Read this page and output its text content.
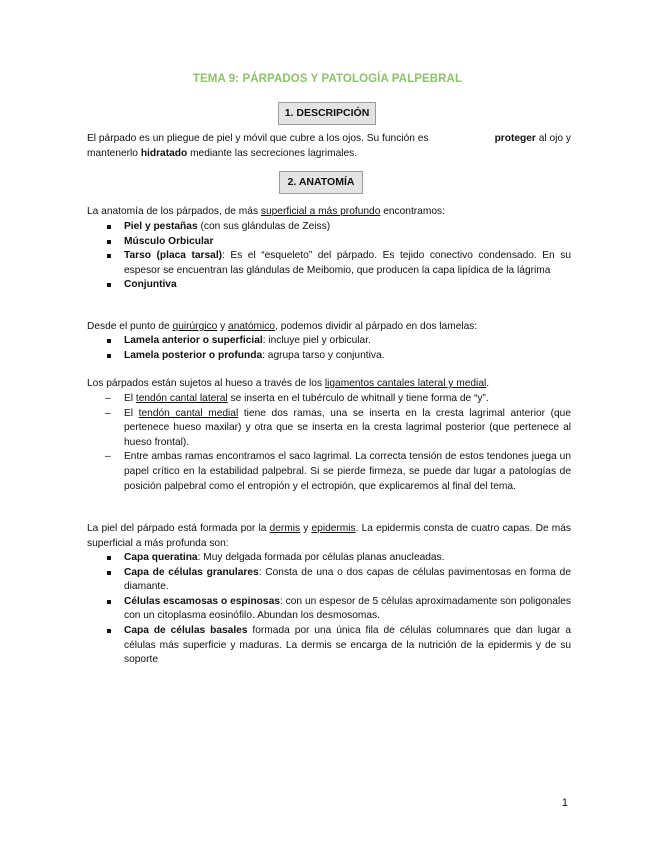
TEMA 9: PÁRPADOS Y PATOLOGÍA PALPEBRAL
1. DESCRIPCIÓN
El párpado es un pliegue de piel y móvil que cubre a los ojos. Su función es	proteger al ojo y
mantenerlo hidratado mediante las secreciones lagrimales.
2. ANATOMÍA
La anatomía de los párpados, de más superficial a más profundo encontramos:
Piel y pestañas (con sus glándulas de Zeiss)
Músculo Orbicular
Tarso (placa tarsal): Es el “esqueleto” del párpado. Es tejido conectivo condensado. En su espesor se encuentran las glándulas de Meibomio, que producen la capa lipídica de la lágrima
Conjuntiva
Desde el punto de quirúrgico y anatómico, podemos dividir al párpado en dos lamelas:
Lamela anterior o superficial: incluye piel y orbicular.
Lamela posterior o profunda: agrupa tarso y conjuntiva.
Los párpados están sujetos al hueso a través de los ligamentos cantales lateral y medial.
– El tendón cantal lateral se inserta en el tubérculo de whitnall y tiene forma de “y”.
– El tendón cantal medial tiene dos ramas, una se inserta en la cresta lagrimal anterior (que pertenece hueso maxilar) y otra que se inserta en la cresta lagrimal posterior (que pertenece al hueso frontal).
– Entre ambas ramas encontramos el saco lagrimal. La correcta tensión de estos tendones juega un papel crítico en la estabilidad palpebral. Si se pierde firmeza, se puede dar lugar a patologías de posición palpebral como el entropión y el ectropión, que explicaremos al final del tema.
La piel del párpado está formada por la dermis y epidermis. La epidermis consta de cuatro capas. De más superficial a más profunda son:
Capa queratina: Muy delgada formada por células planas anucleadas.
Capa de células granulares: Consta de una o dos capas de células pavimentosas en forma de diamante.
Células escamosas o espinosas: con un espesor de 5 células aproximadamente son poligonales con un citoplasma eosinófilo. Abundan los desmosomas.
Capa de células basales formada por una única fila de células columnares que dan lugar a células más superficie y maduras. La dermis se encarga de la nutrición de la epidermis y de su soporte
1
